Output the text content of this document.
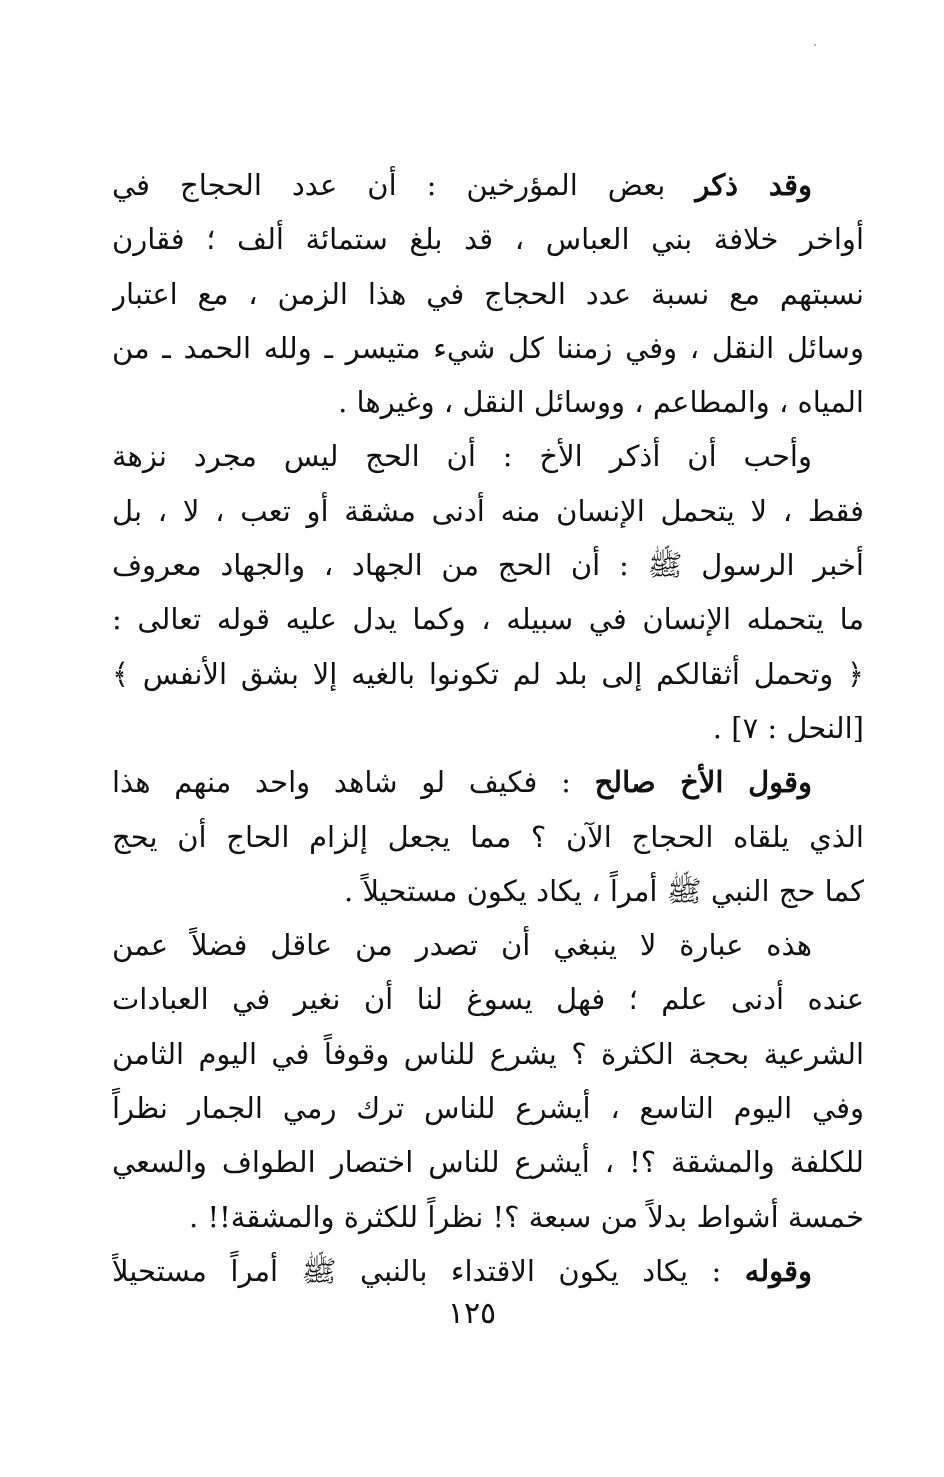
وقد ذكر بعض المؤرخين : أن عدد الحجاج في
أواخر خلافة بني العباس ، قد بلغ ستمائة ألف ؛ فقارن
نسبتهم مع نسبة عدد الحجاج في هذا الزمن ، مع اعتبار
وسائل النقل ، وفي زمننا كل شيء متيسر ـ ولله الحمد ـ من
المياه ، والمطاعم ، ووسائل النقل ، وغيرها .
وأحب أن أذكر الأخ : أن الحج ليس مجرد نزهة
فقط ، لا يتحمل الإنسان منه أدنى مشقة أو تعب ، لا ، بل
أخبر الرسول ﷺ : أن الحج من الجهاد ، والجهاد معروف
ما يتحمله الإنسان في سبيله ، وكما يدل عليه قوله تعالى :
﴿ وتحمل أثقالكم إلى بلد لم تكونوا بالغيه إلا بشق الأنفس ﴾
[النحل : ٧] .
وقول الأخ صالح : فكيف لو شاهد واحد منهم هذا
الذي يلقاه الحجاج الآن ؟ مما يجعل إلزام الحاج أن يحج
كما حج النبي ﷺ أمراً ، يكاد يكون مستحيلاً .
هذه عبارة لا ينبغي أن تصدر من عاقل فضلاً عمن
عنده أدنى علم ؛ فهل يسوغ لنا أن نغير في العبادات
الشرعية بحجة الكثرة ؟ يشرع للناس وقوفاً في اليوم الثامن
وفي اليوم التاسع ، أيشرع للناس ترك رمي الجمار نظراً
للكلفة والمشقة ؟! ، أيشرع للناس اختصار الطواف والسعي
خمسة أشواط بدلاً من سبعة ؟! نظراً للكثرة والمشقة!! .
وقوله : يكاد يكون الاقتداء بالنبي ﷺ أمراً مستحيلاً
١٢٥
